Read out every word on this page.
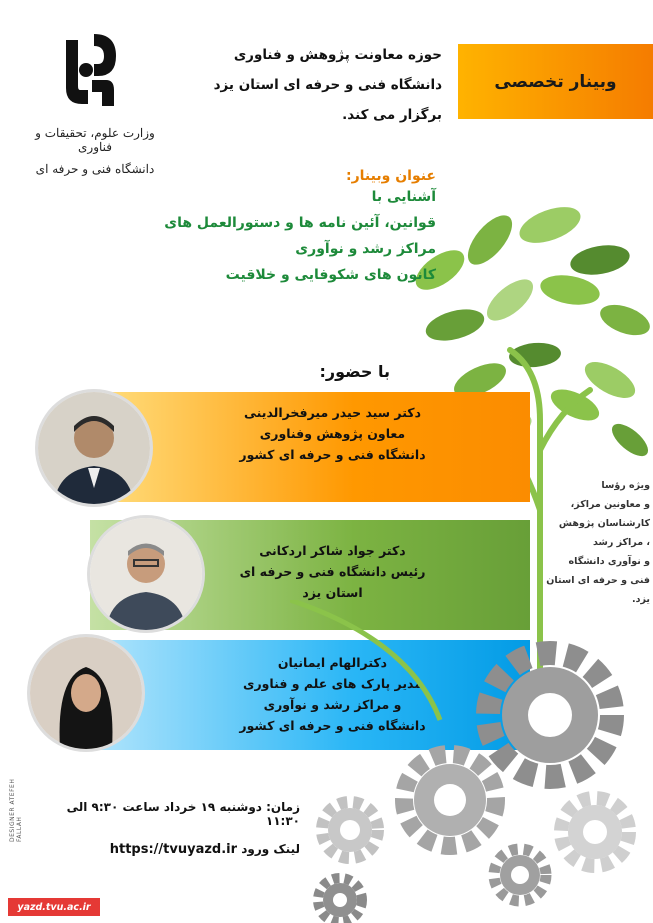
وزارت علوم، تحقیقات و فناوری
دانشگاه فنی و حرفه ای
حوزه معاونت پژوهش و فناوری
دانشگاه فنی و حرفه ای استان یزد
برگزار می کند.
وبینار تخصصی
عنوان وبینار:
آشنایی با
قوانین، آئین نامه ها و دستورالعمل های
مراکز رشد و نوآوری
کانون های شکوفایی و خلاقیت
با حضور:
دکتر سید حیدر میرفخرالدینی
معاون پژوهش وفناوری
دانشگاه فنی و حرفه ای کشور
دکتر جواد شاکر اردکانی
رئیس دانشگاه فنی و حرفه ای
استان یزد
دکترالهام ایمانیان
مدیر پارک های علم و فناوری
و مراکز رشد و نوآوری
دانشگاه فنی و حرفه ای کشور
ویژه رؤسا
و معاونین مراکز،
کارشناسان پژوهش
، مراکز رشد
و نوآوری دانشگاه
فنی و حرفه ای استان
یزد.
زمان: دوشنبه ۱۹ خرداد ساعت ۹:۳۰ الی ۱۱:۳۰
لینک ورود https://tvuyazd.ir
DESIGNER ATEFEH FALLAH
yazd.tvu.ac.ir
